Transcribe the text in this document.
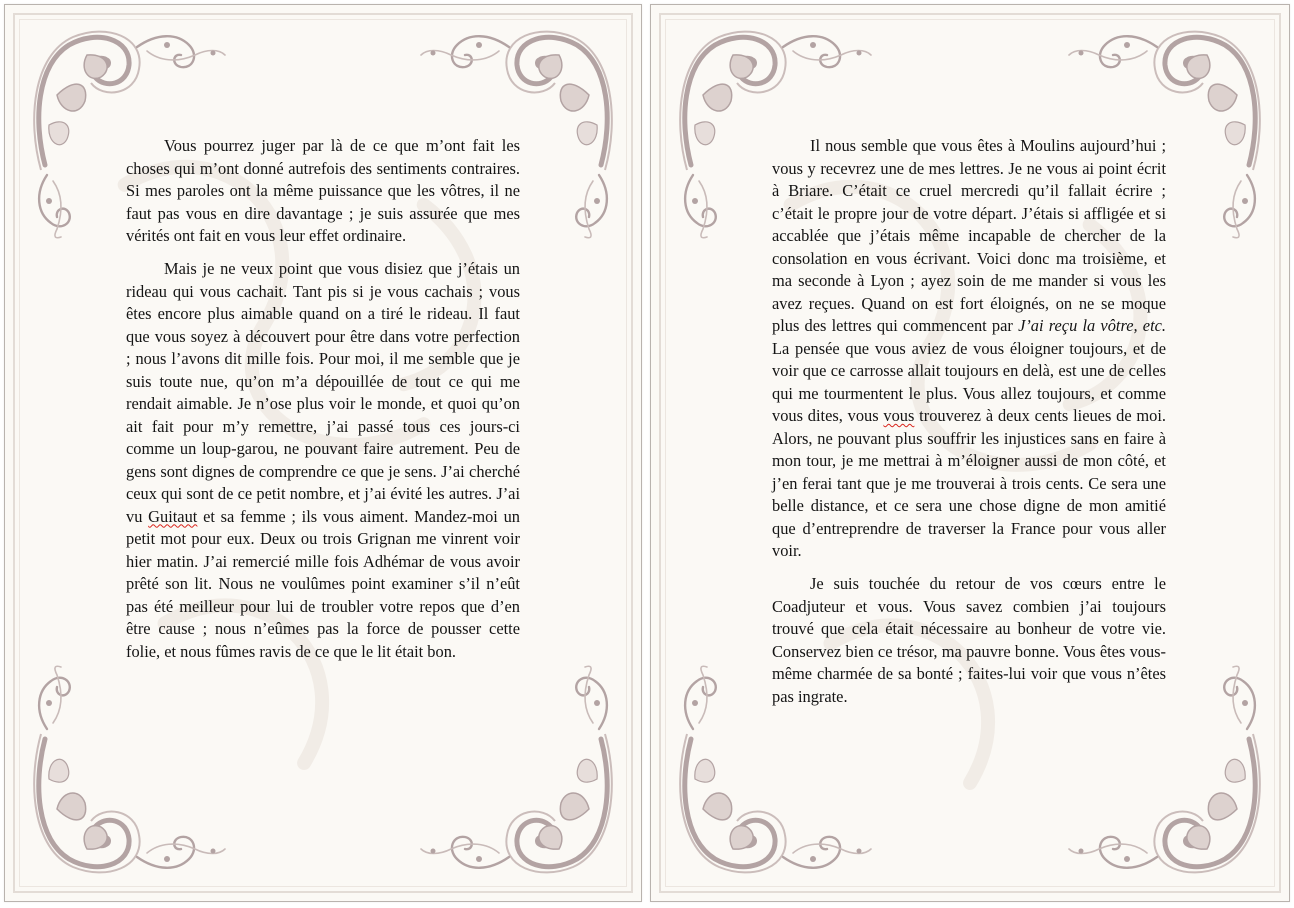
Vous pourrez juger par là de ce que m’ont fait les choses qui m’ont donné autrefois des sentiments contraires. Si mes paroles ont la même puissance que les vôtres, il ne faut pas vous en dire davantage ; je suis assurée que mes vérités ont fait en vous leur effet ordinaire.

Mais je ne veux point que vous disiez que j’étais un rideau qui vous cachait. Tant pis si je vous cachais ; vous êtes encore plus aimable quand on a tiré le rideau. Il faut que vous soyez à découvert pour être dans votre perfection ; nous l’avons dit mille fois. Pour moi, il me semble que je suis toute nue, qu’on m’a dépouillée de tout ce qui me rendait aimable. Je n’ose plus voir le monde, et quoi qu’on ait fait pour m’y remettre, j’ai passé tous ces jours-ci comme un loup-garou, ne pouvant faire autrement. Peu de gens sont dignes de comprendre ce que je sens. J’ai cherché ceux qui sont de ce petit nombre, et j’ai évité les autres. J’ai vu Guitaut et sa femme ; ils vous aiment. Mandez-moi un petit mot pour eux. Deux ou trois Grignan me vinrent voir hier matin. J’ai remercié mille fois Adhémar de vous avoir prêté son lit. Nous ne voulûmes point examiner s’il n’eût pas été meilleur pour lui de troubler votre repos que d’en être cause ; nous n’eûmes pas la force de pousser cette folie, et nous fûmes ravis de ce que le lit était bon.

Il nous semble que vous êtes à Moulins aujourd’hui ; vous y recevrez une de mes lettres. Je ne vous ai point écrit à Briare. C’était ce cruel mercredi qu’il fallait écrire ; c’était le propre jour de votre départ. J’étais si affligée et si accablée que j’étais même incapable de chercher de la consolation en vous écrivant. Voici donc ma troisième, et ma seconde à Lyon ; ayez soin de me mander si vous les avez reçues. Quand on est fort éloignés, on ne se moque plus des lettres qui commencent par J’ai reçu la vôtre, etc. La pensée que vous aviez de vous éloigner toujours, et de voir que ce carrosse allait toujours en delà, est une de celles qui me tourmentent le plus. Vous allez toujours, et comme vous dites, vous vous trouverez à deux cents lieues de moi. Alors, ne pouvant plus souffrir les injustices sans en faire à mon tour, je me mettrai à m’éloigner aussi de mon côté, et j’en ferai tant que je me trouverai à trois cents. Ce sera une belle distance, et ce sera une chose digne de mon amitié que d’entreprendre de traverser la France pour vous aller voir.

Je suis touchée du retour de vos cœurs entre le Coadjuteur et vous. Vous savez combien j’ai toujours trouvé que cela était nécessaire au bonheur de votre vie. Conservez bien ce trésor, ma pauvre bonne. Vous êtes vous-même charmée de sa bonté ; faites-lui voir que vous n’êtes pas ingrate.
